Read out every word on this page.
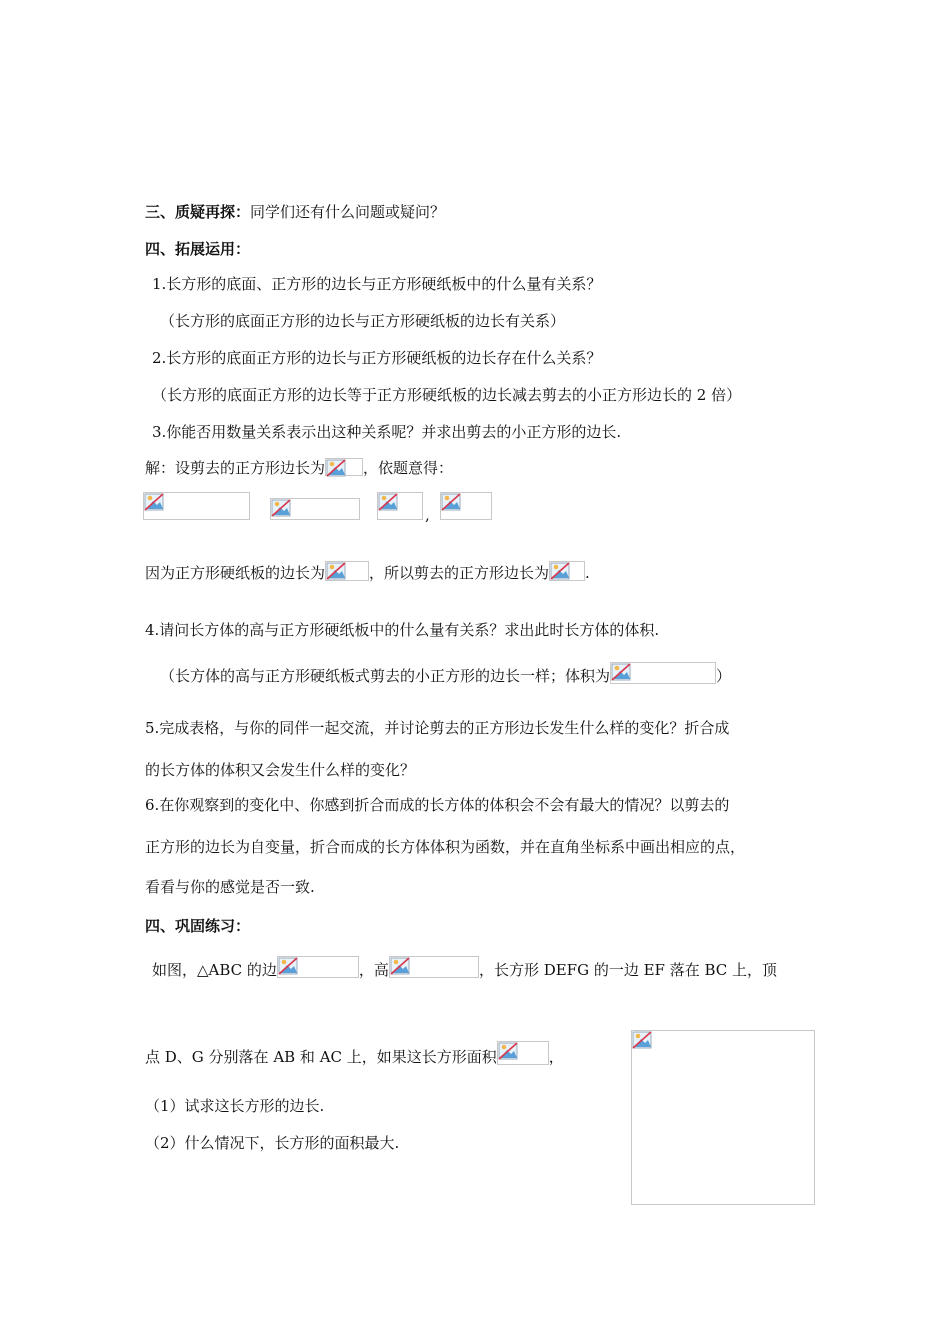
三、质疑再探：同学们还有什么问题或疑问？
四、拓展运用：
1.长方形的底面、正方形的边长与正方形硬纸板中的什么量有关系？
（长方形的底面正方形的边长与正方形硬纸板的边长有关系）
2.长方形的底面正方形的边长与正方形硬纸板的边长存在什么关系？
（长方形的底面正方形的边长等于正方形硬纸板的边长减去剪去的小正方形边长的 2 倍）
3.你能否用数量关系表示出这种关系呢？并求出剪去的小正方形的边长.
解：设剪去的正方形边长为	，依题意得：
,
因为正方形硬纸板的边长为	，所以剪去的正方形边长为 .
4.请问长方体的高与正方形硬纸板中的什么量有关系？求出此时长方体的体积.
（长方体的高与正方形硬纸板式剪去的小正方形的边长一样；体积为	）
5.完成表格，与你的同伴一起交流，并讨论剪去的正方形边长发生什么样的变化？折合成
的长方体的体积又会发生什么样的变化？
6.在你观察到的变化中、你感到折合而成的长方体的体积会不会有最大的情况？以剪去的
正方形的边长为自变量，折合而成的长方体体积为函数，并在直角坐标系中画出相应的点，
看看与你的感觉是否一致.
四、巩固练习：
如图，△ABC 的边	，高	，长方形 DEFG 的一边 EF 落在 BC 上，顶
点 D、G 分别落在 AB 和 AC 上，如果这长方形面积	，
（1）试求这长方形的边长.
（2）什么情况下，长方形的面积最大.
